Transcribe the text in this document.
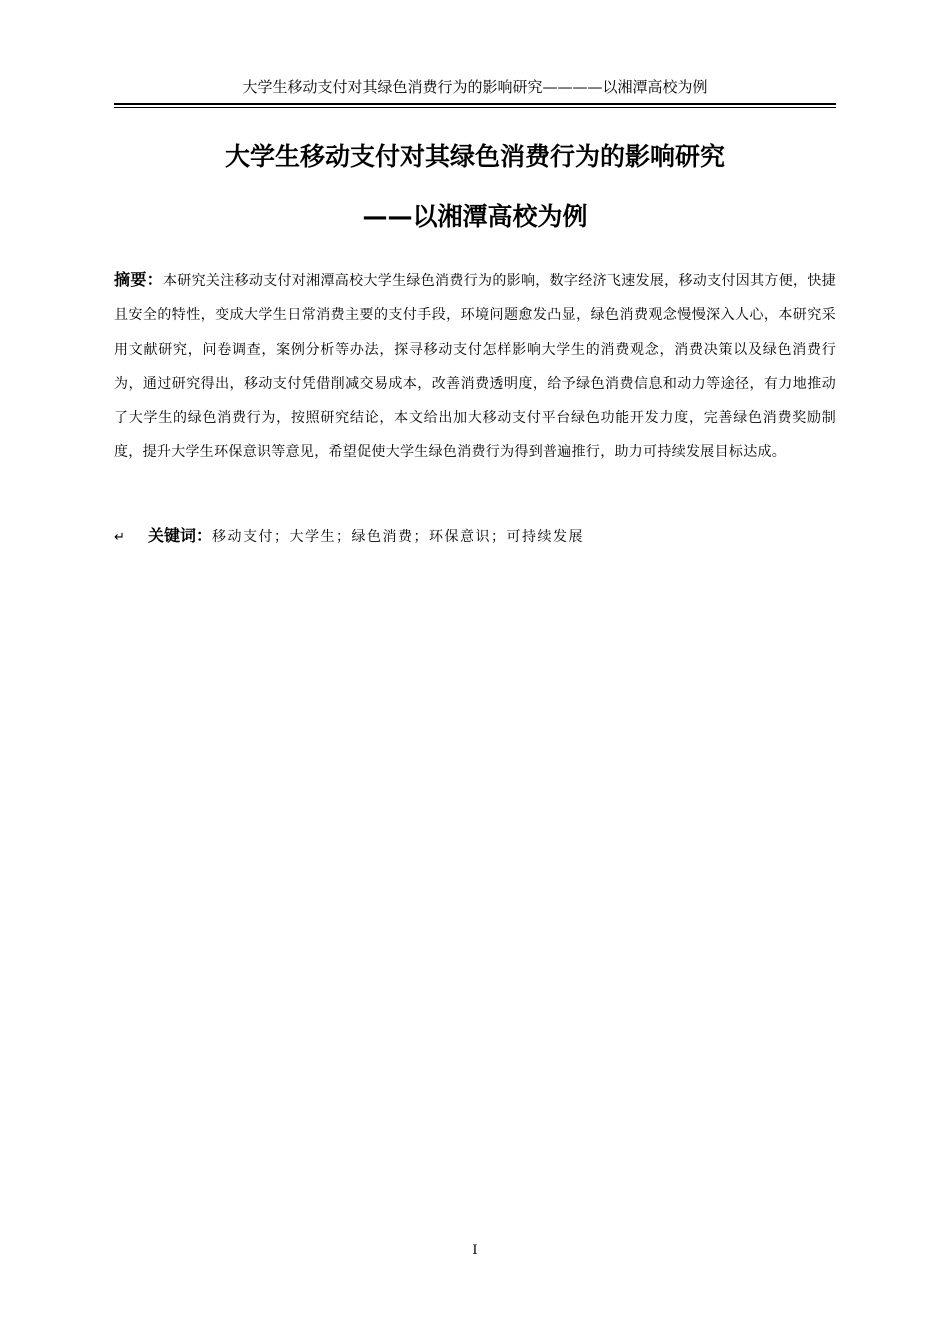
大学生移动支付对其绿色消费行为的影响研究————以湘潭高校为例
大学生移动支付对其绿色消费行为的影响研究
——以湘潭高校为例
摘要：本研究关注移动支付对湘潭高校大学生绿色消费行为的影响，数字经济飞速发展，移动支付因其方便，快捷且安全的特性，变成大学生日常消费主要的支付手段，环境问题愈发凸显，绿色消费观念慢慢深入人心，本研究采用文献研究，问卷调查，案例分析等办法，探寻移动支付怎样影响大学生的消费观念，消费决策以及绿色消费行为，通过研究得出，移动支付凭借削减交易成本，改善消费透明度，给予绿色消费信息和动力等途径，有力地推动了大学生的绿色消费行为，按照研究结论，本文给出加大移动支付平台绿色功能开发力度，完善绿色消费奖励制度，提升大学生环保意识等意见，希望促使大学生绿色消费行为得到普遍推行，助力可持续发展目标达成。
↵ 关键词：移动支付；大学生；绿色消费；环保意识；可持续发展
I
